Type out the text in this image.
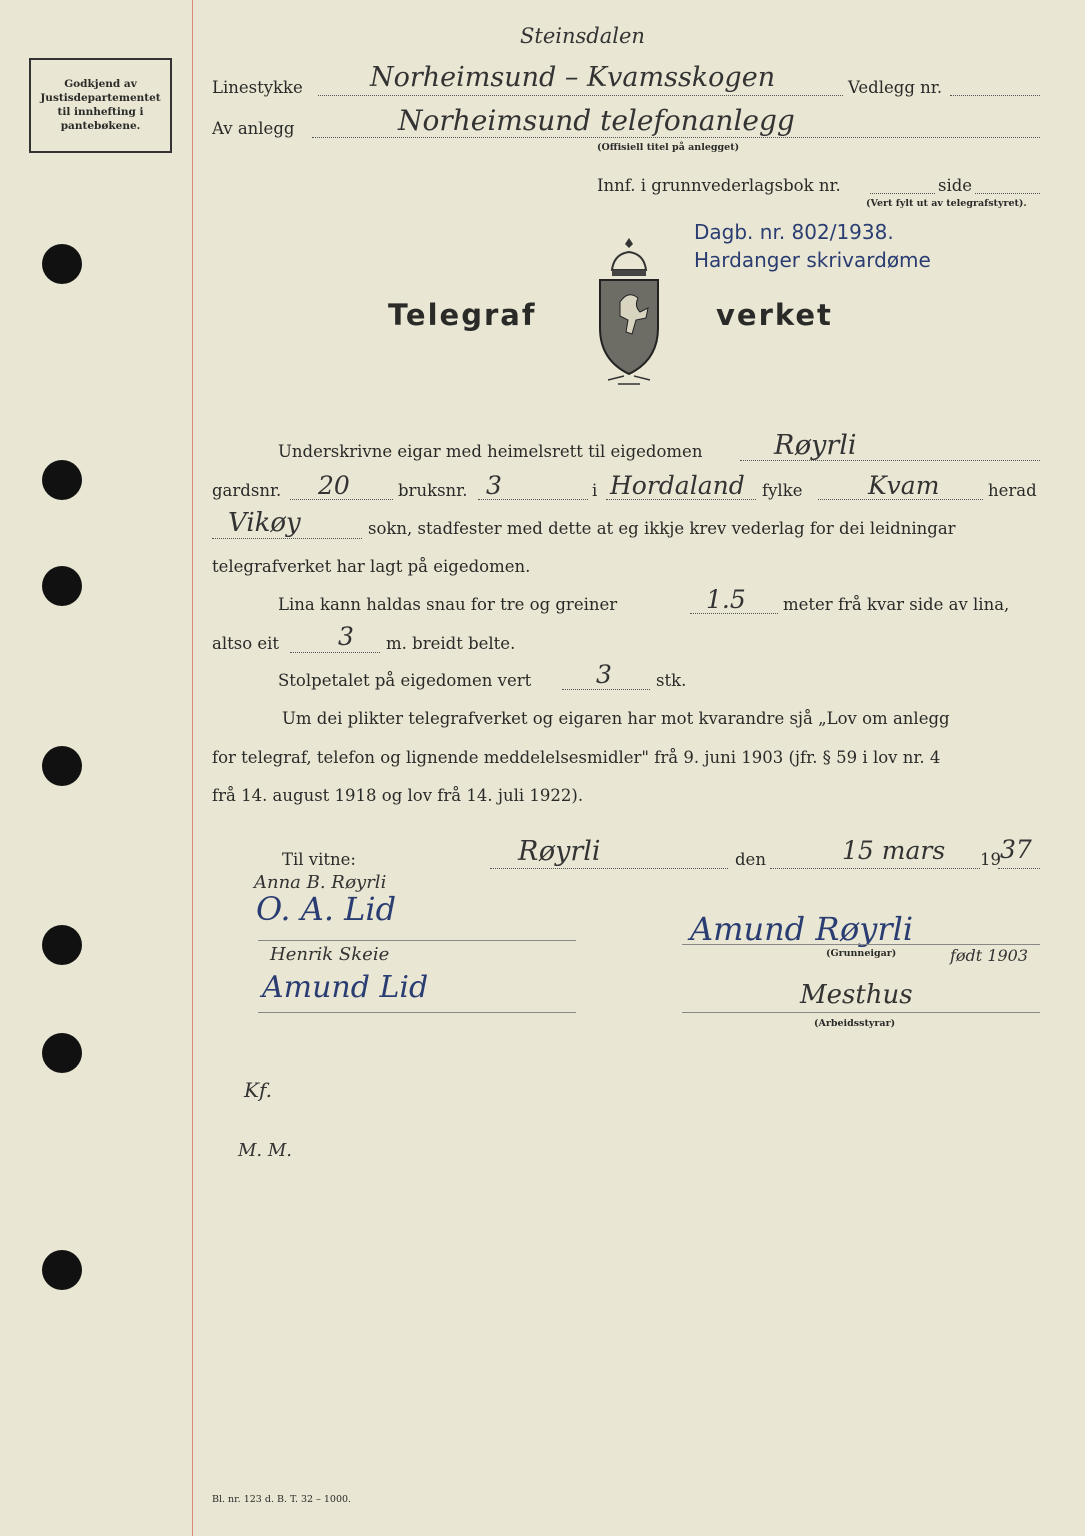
Godkjend av
Justisdepartementet
til innhefting i
pantebøkene.
Steinsdalen
Linestykke Norheimsund – Kvamsskogen	Vedlegg nr.
Av anlegg	Norheimsund telefonanlegg
(Offisiell titel på anlegget)
Innf. i grunnvederlagsbok nr.	side
(Vert fylt ut av telegrafstyret).
Dagb. nr. 802/1938.
Hardanger skrivardøme
Telegraf	verket
Underskrivne eigar med heimelsrett til eigedomen	Røyrli
gardsnr. 20	bruksnr. 3	i Hordaland fylke	Kvam	herad
Vikøy	sokn, stadfester med dette at eg ikkje krev vederlag for dei leidningar
telegrafverket har lagt på eigedomen.
Lina kann haldas snau for tre og greiner	1.5 meter frå kvar side av lina,
altso eit 3 m. breidt belte.
Stolpetalet på eigedomen vert	3	stk.
Um dei plikter telegrafverket og eigaren har mot kvarandre sjå „Lov om anlegg
for telegraf, telefon og lignende meddelelsesmidler" frå 9. juni 1903 (jfr. § 59 i lov nr. 4
frå 14. august 1918 og lov frå 14. juli 1922).
Til vitne:	Røyrli	den	15 mars 19 37
Anna B. Røyrli
O. A. Lid
Henrik Skeie
Amund Lid
Amund Røyrli
født 1903
(Grunneigar)
Mesthus
(Arbeidsstyrar)
Kf.
M. M.
Bl. nr. 123 d. B. T. 32 – 1000.
